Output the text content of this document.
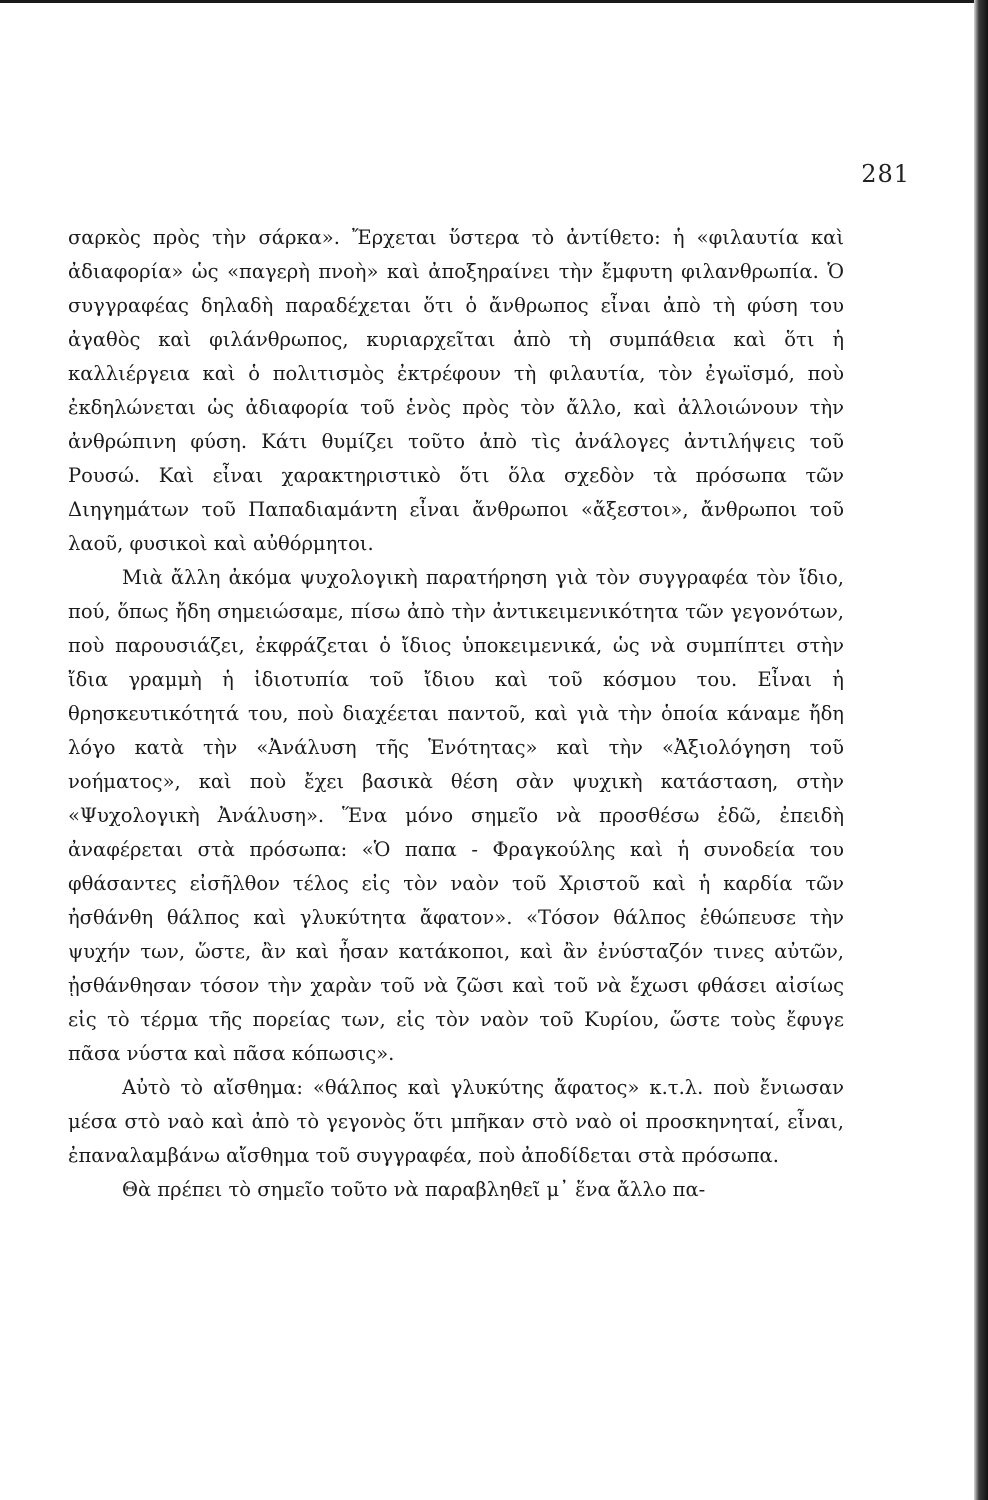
281

σαρκὸς πρὸς τὴν σάρκα». Ἔρχεται ὕστερα τὸ ἀντίθετο: ἡ «φιλαυτία καὶ ἀδιαφορία» ὡς «παγερὴ πνοὴ» καὶ ἀποξηραίνει τὴν ἔμφυτη φιλανθρωπία. Ὁ συγγραφέας δηλαδὴ παραδέχεται ὅτι ὁ ἄνθρωπος εἶναι ἀπὸ τὴ φύση του ἀγαθὸς καὶ φιλάνθρωπος, κυριαρχεῖται ἀπὸ τὴ συμπάθεια καὶ ὅτι ἡ καλλιέργεια καὶ ὁ πολιτισμὸς ἐκτρέφουν τὴ φιλαυτία, τὸν ἐγωϊσμό, ποὺ ἐκδηλώνεται ὡς ἀδιαφορία τοῦ ἑνὸς πρὸς τὸν ἄλλο, καὶ ἀλλοιώνουν τὴν ἀνθρώπινη φύση. Κάτι θυμίζει τοῦτο ἀπὸ τὶς ἀνάλογες ἀντιλήψεις τοῦ Ρουσώ. Καὶ εἶναι χαρακτηριστικὸ ὅτι ὅλα σχεδὸν τὰ πρόσωπα τῶν Διηγημάτων τοῦ Παπαδιαμάντη εἶναι ἄνθρωποι «ἄξεστοι», ἄνθρωποι τοῦ λαοῦ, φυσικοὶ καὶ αὐθόρμητοι.

Μιὰ ἄλλη ἀκόμα ψυχολογικὴ παρατήρηση γιὰ τὸν συγγραφέα τὸν ἴδιο, πού, ὅπως ἤδη σημειώσαμε, πίσω ἀπὸ τὴν ἀντικειμενικότητα τῶν γεγονότων, ποὺ παρουσιάζει, ἐκφράζεται ὁ ἴδιος ὑποκειμενικά, ὡς νὰ συμπίπτει στὴν ἴδια γραμμὴ ἡ ἰδιοτυπία τοῦ ἴδιου καὶ τοῦ κόσμου του. Εἶναι ἡ θρησκευτικότητά του, ποὺ διαχέεται παντοῦ, καὶ γιὰ τὴν ὁποία κάναμε ἤδη λόγο κατὰ τὴν «Ἀνάλυση τῆς Ἑνότητας» καὶ τὴν «Ἀξιολόγηση τοῦ νοήματος», καὶ ποὺ ἔχει βασικὰ θέση σὰν ψυχικὴ κατάσταση, στὴν «Ψυχολογικὴ Ἀνάλυση». Ἕνα μόνο σημεῖο νὰ προσθέσω ἐδῶ, ἐπειδὴ ἀναφέρεται στὰ πρόσωπα: «Ὁ παπα - Φραγκούλης καὶ ἡ συνοδεία του φθάσαντες εἰσῆλθον τέλος εἰς τὸν ναὸν τοῦ Χριστοῦ καὶ ἡ καρδία τῶν ἠσθάνθη θάλπος καὶ γλυκύτητα ἄφατον». «Τόσον θάλπος ἐθώπευσε τὴν ψυχήν των, ὥστε, ἂν καὶ ἦσαν κατάκοποι, καὶ ἂν ἐνύσταζόν τινες αὐτῶν, ᾐσθάνθησαν τόσον τὴν χαρὰν τοῦ νὰ ζῶσι καὶ τοῦ νὰ ἔχωσι φθάσει αἰσίως εἰς τὸ τέρμα τῆς πορείας των, εἰς τὸν ναὸν τοῦ Κυρίου, ὥστε τοὺς ἔφυγε πᾶσα νύστα καὶ πᾶσα κόπωσις».

Αὐτὸ τὸ αἴσθημα: «θάλπος καὶ γλυκύτης ἄφατος» κ.τ.λ. ποὺ ἔνιωσαν μέσα στὸ ναὸ καὶ ἀπὸ τὸ γεγονὸς ὅτι μπῆκαν στὸ ναὸ οἱ προσκηνηταί, εἶναι, ἐπαναλαμβάνω αἴσθημα τοῦ συγγραφέα, ποὺ ἀποδίδεται στὰ πρόσωπα.

Θὰ πρέπει τὸ σημεῖο τοῦτο νὰ παραβληθεῖ μ᾽ ἕνα ἄλλο πα-
